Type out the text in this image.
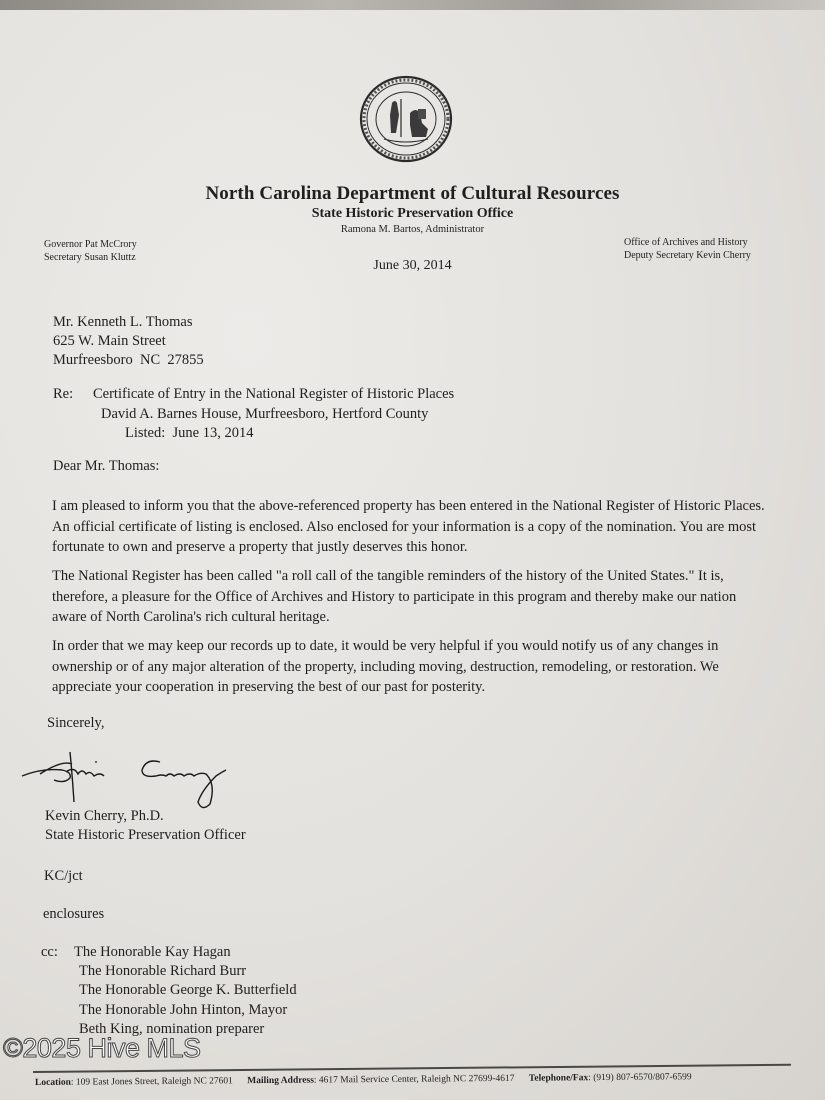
North Carolina Department of Cultural Resources
State Historic Preservation Office
Ramona M. Bartos, Administrator
Governor Pat McCrory
Secretary Susan Kluttz
Office of Archives and History
Deputy Secretary Kevin Cherry
June 30, 2014
Mr. Kenneth L. Thomas
625 W. Main Street
Murfreesboro  NC  27855
Re: Certificate of Entry in the National Register of Historic Places
David A. Barnes House, Murfreesboro, Hertford County
Listed:  June 13, 2014
Dear Mr. Thomas:
I am pleased to inform you that the above-referenced property has been entered in the National Register of Historic Places. An official certificate of listing is enclosed. Also enclosed for your information is a copy of the nomination. You are most fortunate to own and preserve a property that justly deserves this honor.
The National Register has been called "a roll call of the tangible reminders of the history of the United States." It is, therefore, a pleasure for the Office of Archives and History to participate in this program and thereby make our nation aware of North Carolina's rich cultural heritage.
In order that we may keep our records up to date, it would be very helpful if you would notify us of any changes in ownership or of any major alteration of the property, including moving, destruction, remodeling, or restoration. We appreciate your cooperation in preserving the best of our past for posterity.
Sincerely,
Kevin Cherry, Ph.D.
State Historic Preservation Officer
KC/jct
enclosures
cc: The Honorable Kay Hagan
The Honorable Richard Burr
The Honorable George K. Butterfield
The Honorable John Hinton, Mayor
Beth King, nomination preparer
©2025 Hive MLS
Location: 109 East Jones Street, Raleigh NC 27601 Mailing Address: 4617 Mail Service Center, Raleigh NC 27699-4617 Telephone/Fax: (919) 807-6570/807-6599
